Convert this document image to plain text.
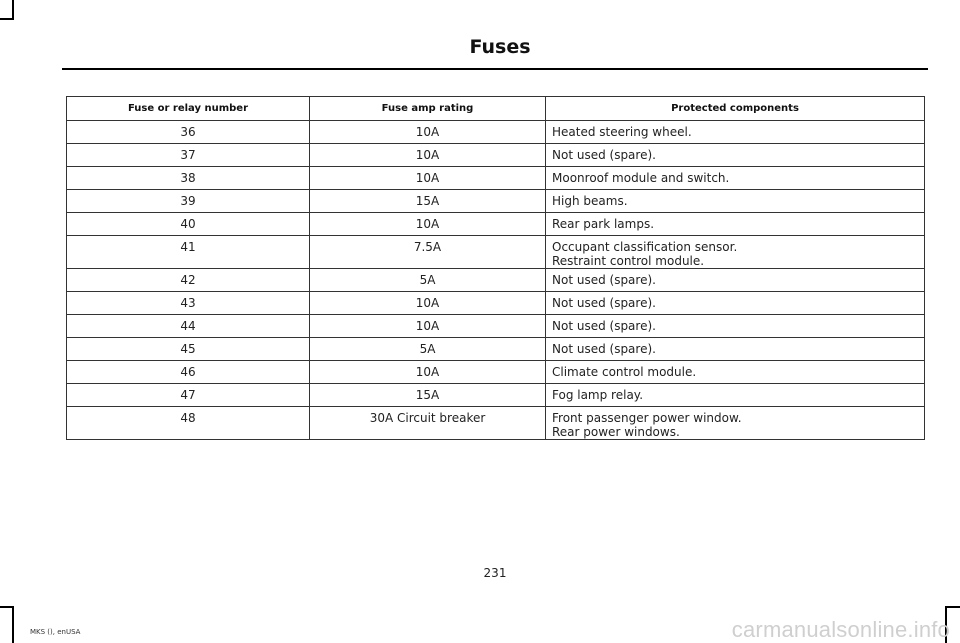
Fuses
Fuse or relay number	Fuse amp rating	Protected components
36	10A	Heated steering wheel.

37	10A	Not used (spare).

38	10A	Moonroof module and switch.

39	15A	High beams.

40	10A	Rear park lamps.

41	7.5A	Occupant classification sensor.
Restraint control module.

42	5A	Not used (spare).

43	10A	Not used (spare).

44	10A	Not used (spare).

45	5A	Not used (spare).

46	10A	Climate control module.

47	15A	Fog lamp relay.

48	30A Circuit breaker	Front passenger power window.
Rear power windows.
231
MKS (), enUSA	carmanualsonline.info
